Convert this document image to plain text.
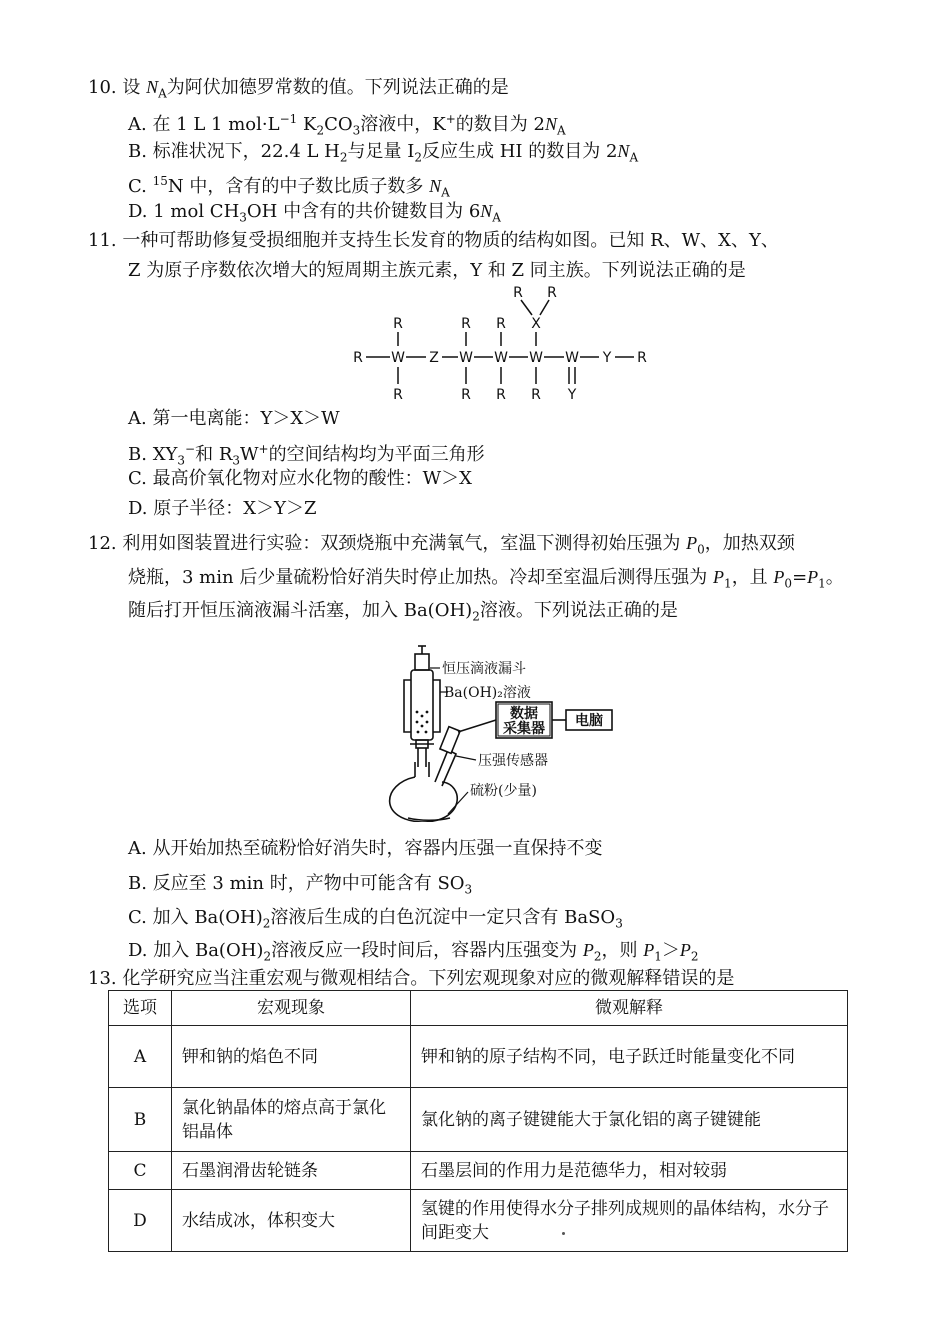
10. 设 $N_A$为阿伏加德罗常数的值。下列说法正确的是
A. 在 1 L 1 $mol\cdot L^{-1}$ $K_2CO_3$溶液中，K+的数目为 $2N_A$
B. 标准状况下，22.4 L $H_2$与足量 $I_2$反应生成 HI 的数目为 $2N_A$
C. $^{15}$N 中，含有的中子数比质子数多 $N_A$
D. 1 mol $CH_3OH$ 中含有的共价键数目为 $6N_A$
11. 一种可帮助修复受损细胞并支持生长发育的物质的结构如图。已知 R、W、X、Y、
Z 为原子序数依次增大的短周期主族元素，Y 和 Z 同主族。下列说法正确的是
R R
X
R	R R
R W Z W W W W Y R
R	R R R Y
A. 第一电离能：Y＞X＞W
B. $XY_3^-$和 $R_3W^+$的空间结构均为平面三角形
C. 最高价氧化物对应水化物的酸性：W＞X
D. 原子半径：X＞Y＞Z
12. 利用如图装置进行实验：双颈烧瓶中充满氧气，室温下测得初始压强为 $P_0$，加热双颈
烧瓶，3 min 后少量硫粉恰好消失时停止加热。冷却至室温后测得压强为 $P_1$，且 $P_0=P_1$。
随后打开恒压滴液漏斗活塞，加入 $Ba(OH)_2$溶液。下列说法正确的是
恒压滴液漏斗
Ba(OH)₂溶液
数据
采集器 电脑
压强传感器
硫粉(少量)
A. 从开始加热至硫粉恰好消失时，容器内压强一直保持不变
B. 反应至 3 min 时，产物中可能含有 $SO_3$
C. 加入 $Ba(OH)_2$溶液后生成的白色沉淀中一定只含有 BaSO$_3$
D. 加入 $Ba(OH)_2$溶液反应一段时间后，容器内压强变为 $P_2$，则 $P_1>P_2$
13. 化学研究应当注重宏观与微观相结合。下列宏观现象对应的微观解释错误的是
选项	宏观现象	微观解释
A	钾和钠的焰色不同	钾和钠的原子结构不同，电子跃迁时能量变化不同
B	氯化钠晶体的熔点高于氯化铝晶体	氯化钠的离子键键能大于氯化铝的离子键键能
C	石墨润滑齿轮链条	石墨层间的作用力是范德华力，相对较弱
D	水结成冰，体积变大	氢键的作用使得水分子排列成规则的晶体结构，水分子间距变大
